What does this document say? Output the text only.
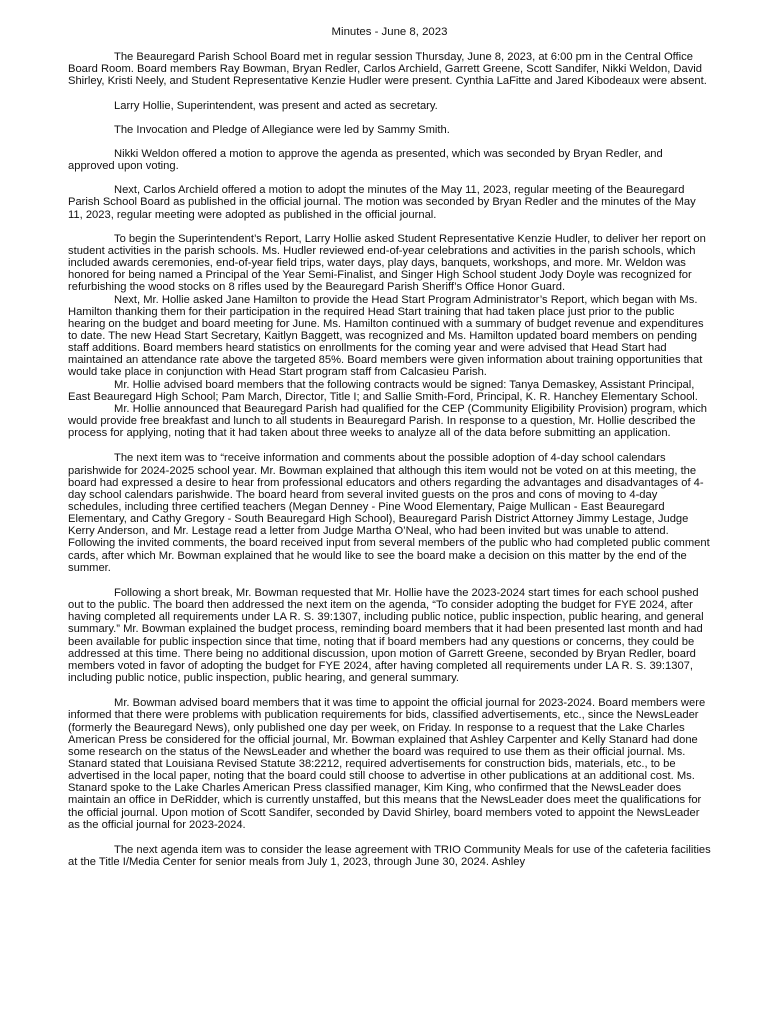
Minutes - June 8, 2023

The Beauregard Parish School Board met in regular session Thursday, June 8, 2023, at 6:00 pm in the Central Office Board Room. Board members Ray Bowman, Bryan Redler, Carlos Archield, Garrett Greene, Scott Sandifer, Nikki Weldon, David Shirley, Kristi Neely, and Student Representative Kenzie Hudler were present. Cynthia LaFitte and Jared Kibodeaux were absent.

Larry Hollie, Superintendent, was present and acted as secretary.

The Invocation and Pledge of Allegiance were led by Sammy Smith.

Nikki Weldon offered a motion to approve the agenda as presented, which was seconded by Bryan Redler, and approved upon voting.

Next, Carlos Archield offered a motion to adopt the minutes of the May 11, 2023, regular meeting of the Beauregard Parish School Board as published in the official journal. The motion was seconded by Bryan Redler and the minutes of the May 11, 2023, regular meeting were adopted as published in the official journal.

To begin the Superintendent’s Report, Larry Hollie asked Student Representative Kenzie Hudler, to deliver her report on student activities in the parish schools. Ms. Hudler reviewed end-of-year celebrations and activities in the parish schools, which included awards ceremonies, end-of-year field trips, water days, play days, banquets, workshops, and more. Mr. Weldon was honored for being named a Principal of the Year Semi-Finalist, and Singer High School student Jody Doyle was recognized for refurbishing the wood stocks on 8 rifles used by the Beauregard Parish Sheriff’s Office Honor Guard.

Next, Mr. Hollie asked Jane Hamilton to provide the Head Start Program Administrator’s Report, which began with Ms. Hamilton thanking them for their participation in the required Head Start training that had taken place just prior to the public hearing on the budget and board meeting for June. Ms. Hamilton continued with a summary of budget revenue and expenditures to date. The new Head Start Secretary, Kaitlyn Baggett, was recognized and Ms. Hamilton updated board members on pending staff additions. Board members heard statistics on enrollments for the coming year and were advised that Head Start had maintained an attendance rate above the targeted 85%. Board members were given information about training opportunities that would take place in conjunction with Head Start program staff from Calcasieu Parish.

Mr. Hollie advised board members that the following contracts would be signed: Tanya Demaskey, Assistant Principal, East Beauregard High School; Pam March, Director, Title I; and Sallie Smith-Ford, Principal, K. R. Hanchey Elementary School.

Mr. Hollie announced that Beauregard Parish had qualified for the CEP (Community Eligibility Provision) program, which would provide free breakfast and lunch to all students in Beauregard Parish. In response to a question, Mr. Hollie described the process for applying, noting that it had taken about three weeks to analyze all of the data before submitting an application.

The next item was to “receive information and comments about the possible adoption of 4-day school calendars parishwide for 2024-2025 school year. Mr. Bowman explained that although this item would not be voted on at this meeting, the board had expressed a desire to hear from professional educators and others regarding the advantages and disadvantages of 4-day school calendars parishwide. The board heard from several invited guests on the pros and cons of moving to 4-day schedules, including three certified teachers (Megan Denney - Pine Wood Elementary, Paige Mullican - East Beauregard Elementary, and Cathy Gregory - South Beauregard High School), Beauregard Parish District Attorney Jimmy Lestage, Judge Kerry Anderson, and Mr. Lestage read a letter from Judge Martha O’Neal, who had been invited but was unable to attend. Following the invited comments, the board received input from several members of the public who had completed public comment cards, after which Mr. Bowman explained that he would like to see the board make a decision on this matter by the end of the summer.

Following a short break, Mr. Bowman requested that Mr. Hollie have the 2023-2024 start times for each school pushed out to the public. The board then addressed the next item on the agenda, “To consider adopting the budget for FYE 2024, after having completed all requirements under LA R. S. 39:1307, including public notice, public inspection, public hearing, and general summary.” Mr. Bowman explained the budget process, reminding board members that it had been presented last month and had been available for public inspection since that time, noting that if board members had any questions or concerns, they could be addressed at this time. There being no additional discussion, upon motion of Garrett Greene, seconded by Bryan Redler, board members voted in favor of adopting the budget for FYE 2024, after having completed all requirements under LA R. S. 39:1307, including public notice, public inspection, public hearing, and general summary.

Mr. Bowman advised board members that it was time to appoint the official journal for 2023-2024. Board members were informed that there were problems with publication requirements for bids, classified advertisements, etc., since the NewsLeader (formerly the Beauregard News), only published one day per week, on Friday. In response to a request that the Lake Charles American Press be considered for the official journal, Mr. Bowman explained that Ashley Carpenter and Kelly Stanard had done some research on the status of the NewsLeader and whether the board was required to use them as their official journal. Ms. Stanard stated that Louisiana Revised Statute 38:2212, required advertisements for construction bids, materials, etc., to be advertised in the local paper, noting that the board could still choose to advertise in other publications at an additional cost. Ms. Stanard spoke to the Lake Charles American Press classified manager, Kim King, who confirmed that the NewsLeader does maintain an office in DeRidder, which is currently unstaffed, but this means that the NewsLeader does meet the qualifications for the official journal. Upon motion of Scott Sandifer, seconded by David Shirley, board members voted to appoint the NewsLeader as the official journal for 2023-2024.

The next agenda item was to consider the lease agreement with TRIO Community Meals for use of the cafeteria facilities at the Title I/Media Center for senior meals from July 1, 2023, through June 30, 2024. Ashley
